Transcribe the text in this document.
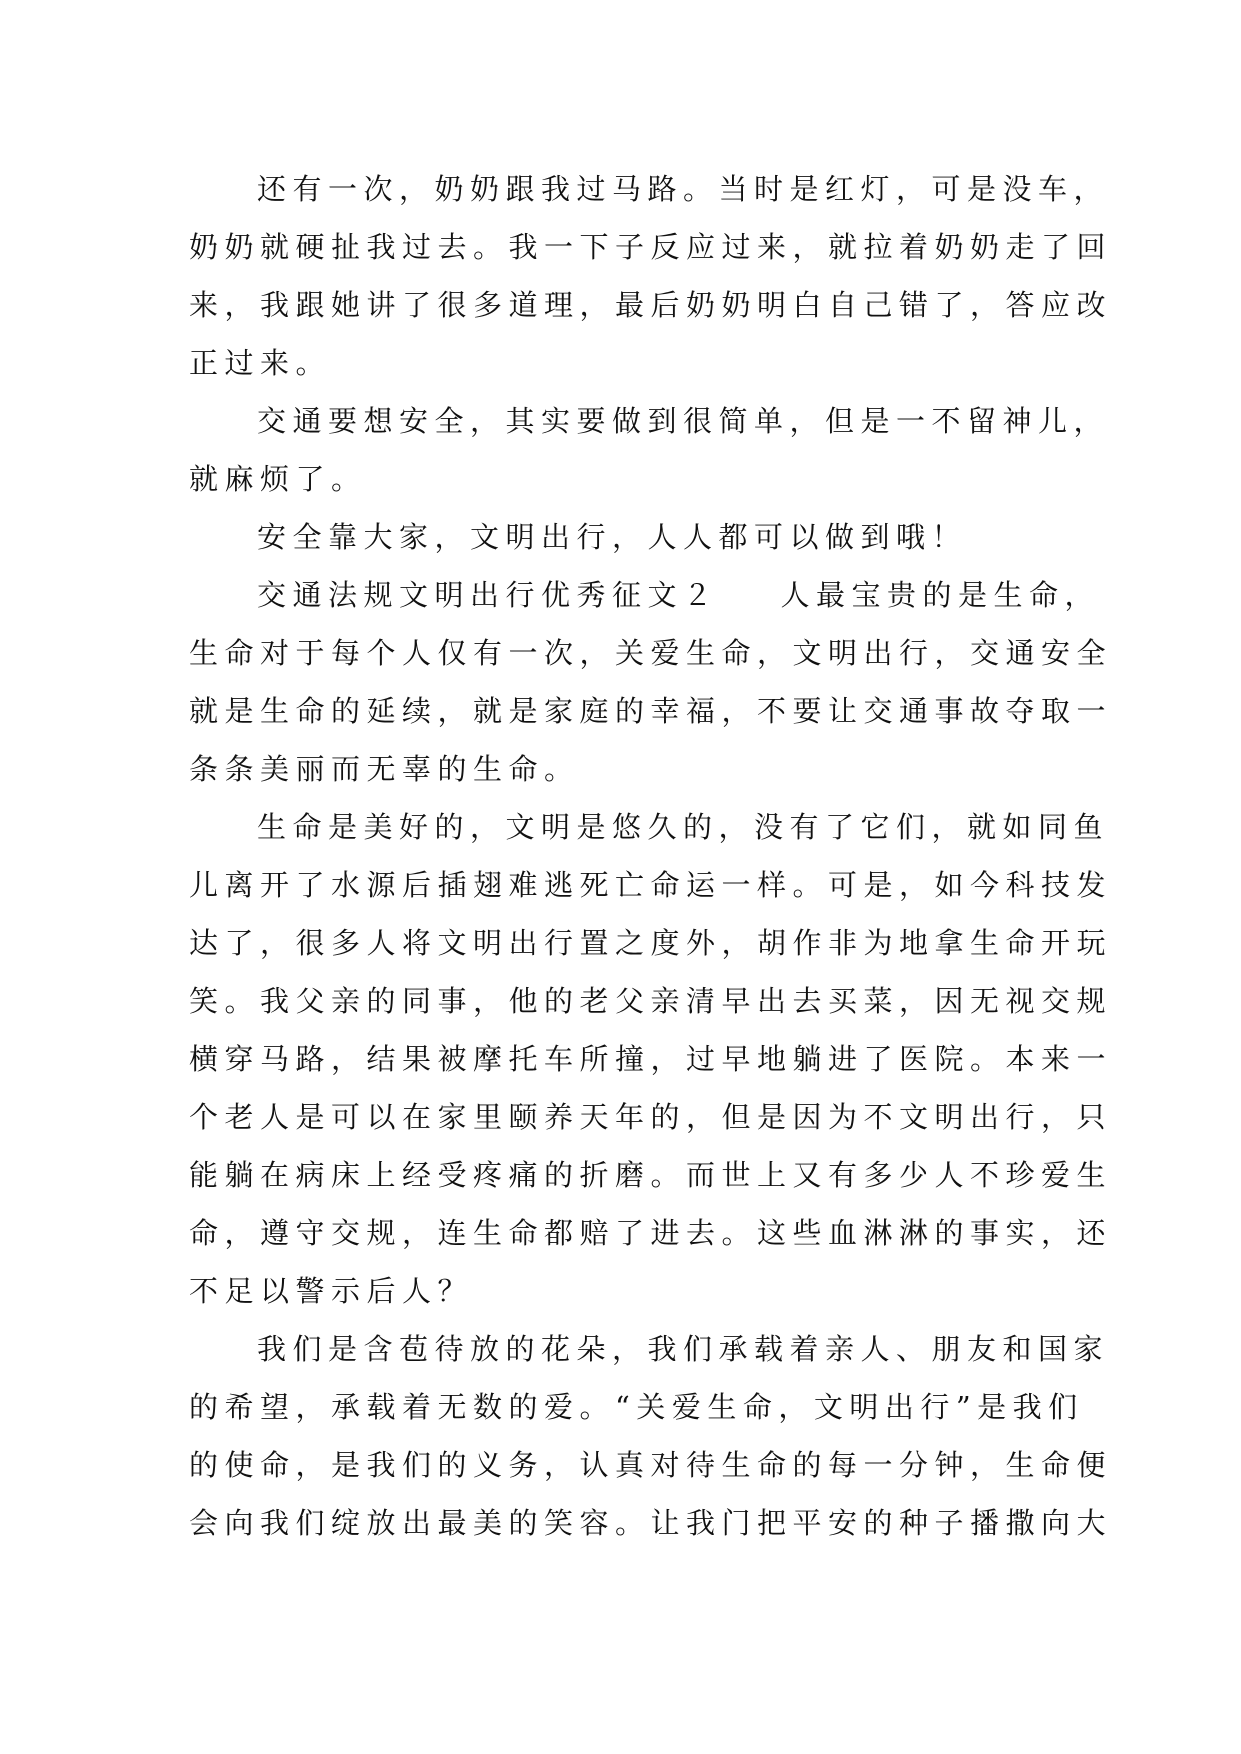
还有一次，奶奶跟我过马路。当时是红灯，可是没车，

奶奶就硬扯我过去。我一下子反应过来，就拉着奶奶走了回

来，我跟她讲了很多道理，最后奶奶明白自己错了，答应改

正过来。

交通要想安全，其实要做到很简单，但是一不留神儿，

就麻烦了。

安全靠大家，文明出行，人人都可以做到哦！

交通法规文明出行优秀征文２ 人最宝贵的是生命，

生命对于每个人仅有一次，关爱生命，文明出行，交通安全

就是生命的延续，就是家庭的幸福，不要让交通事故夺取一

条条美丽而无辜的生命。

生命是美好的，文明是悠久的，没有了它们，就如同鱼

儿离开了水源后插翅难逃死亡命运一样。可是，如今科技发

达了，很多人将文明出行置之度外，胡作非为地拿生命开玩

笑。我父亲的同事，他的老父亲清早出去买菜，因无视交规

横穿马路，结果被摩托车所撞，过早地躺进了医院。本来一

个老人是可以在家里颐养天年的，但是因为不文明出行，只

能躺在病床上经受疼痛的折磨。而世上又有多少人不珍爱生

命，遵守交规，连生命都赔了进去。这些血淋淋的事实，还

不足以警示后人？

我们是含苞待放的花朵，我们承载着亲人、朋友和国家

的希望，承载着无数的爱。“关爱生命，文明出行”是我们

的使命，是我们的义务，认真对待生命的每一分钟，生命便

会向我们绽放出最美的笑容。让我门把平安的种子播撒向大
